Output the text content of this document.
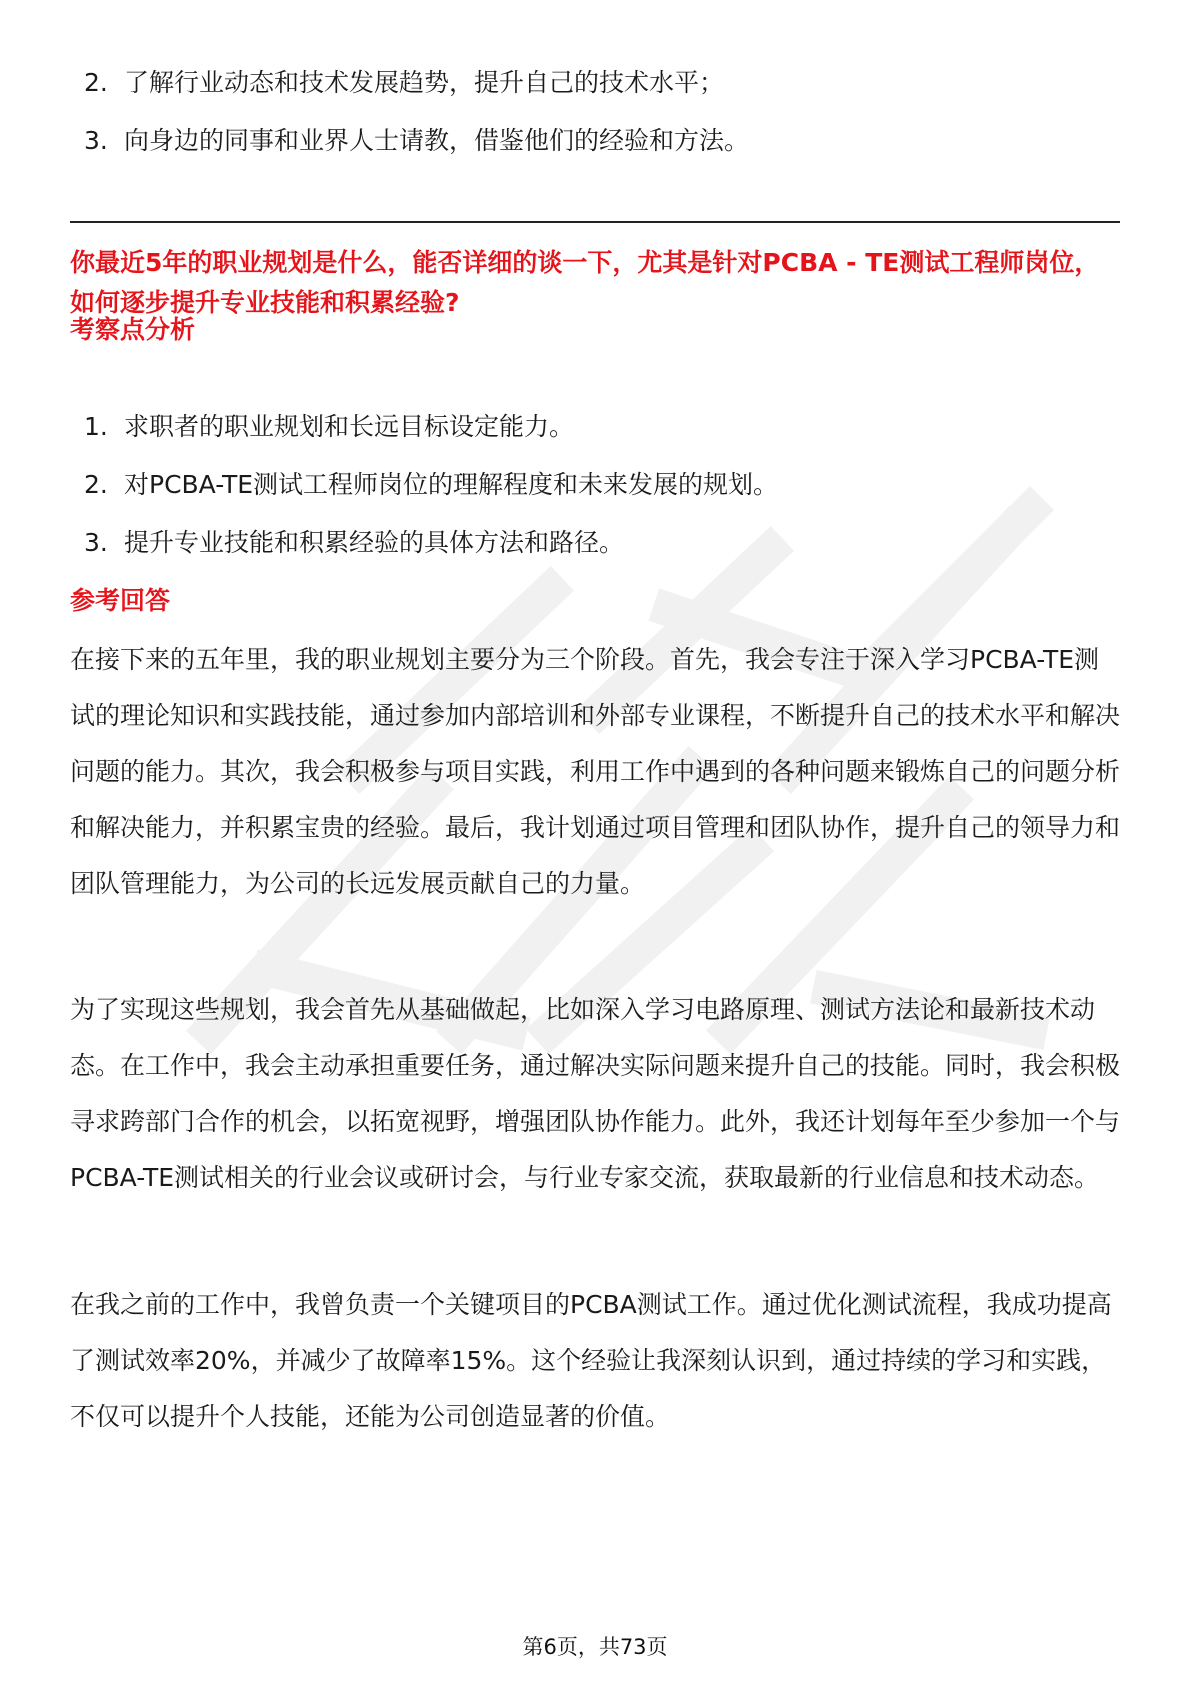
2. 了解行业动态和技术发展趋势，提升自己的技术水平；
3. 向身边的同事和业界人士请教，借鉴他们的经验和方法。
你最近5年的职业规划是什么，能否详细的谈一下，尤其是针对PCBA - TE测试工程师岗位，如何逐步提升专业技能和积累经验?
考察点分析
1. 求职者的职业规划和长远目标设定能力。
2. 对PCBA-TE测试工程师岗位的理解程度和未来发展的规划。
3. 提升专业技能和积累经验的具体方法和路径。
参考回答

在接下来的五年里，我的职业规划主要分为三个阶段。首先，我会专注于深入学习PCBA-TE测试的理论知识和实践技能，通过参加内部培训和外部专业课程，不断提升自己的技术水平和解决问题的能力。其次，我会积极参与项目实践，利用工作中遇到的各种问题来锻炼自己的问题分析和解决能力，并积累宝贵的经验。最后，我计划通过项目管理和团队协作，提升自己的领导力和团队管理能力，为公司的长远发展贡献自己的力量。

为了实现这些规划，我会首先从基础做起，比如深入学习电路原理、测试方法论和最新技术动态。在工作中，我会主动承担重要任务，通过解决实际问题来提升自己的技能。同时，我会积极寻求跨部门合作的机会，以拓宽视野，增强团队协作能力。此外，我还计划每年至少参加一个与PCBA-TE测试相关的行业会议或研讨会，与行业专家交流，获取最新的行业信息和技术动态。

在我之前的工作中，我曾负责一个关键项目的PCBA测试工作。通过优化测试流程，我成功提高了测试效率20%，并减少了故障率15%。这个经验让我深刻认识到，通过持续的学习和实践，不仅可以提升个人技能，还能为公司创造显著的价值。

第6页，共73页
